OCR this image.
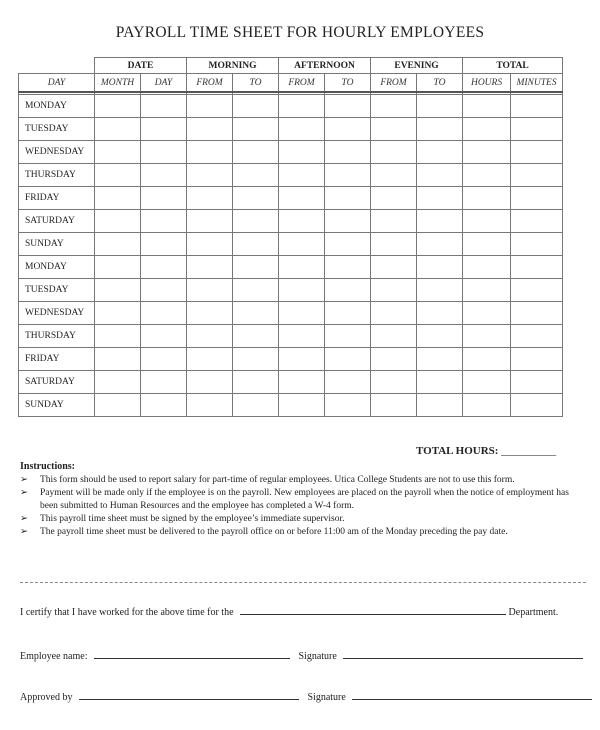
PAYROLL TIME SHEET FOR HOURLY EMPLOYEES
	DATE		MORNING		AFTERNOON		EVENING		TOTAL	
DAY	MONTH	DAY	FROM	TO	FROM	TO	FROM	TO	HOURS	MINUTES

MONDAY										
TUESDAY										
WEDNESDAY										
THURSDAY										
FRIDAY										
SATURDAY										
SUNDAY										
MONDAY										
TUESDAY										
WEDNESDAY										
THURSDAY										
FRIDAY										
SATURDAY										
SUNDAY										
TOTAL HOURS: __________
Instructions:
➢ This form should be used to report salary for part-time of regular employees. Utica College Students are not to use this form.
➢ Payment will be made only if the employee is on the payroll. New employees are placed on the payroll when the notice of employment has been submitted to Human Resources and the employee has completed a W-4 form.
➢ This payroll time sheet must be signed by the employee’s immediate supervisor.
➢ The payroll time sheet must be delivered to the payroll office on or before 11:00 am of the Monday preceding the pay date.
I certify that I have worked for the above time for the	Department.
Employee name:	Signature
Approved by	Signature
